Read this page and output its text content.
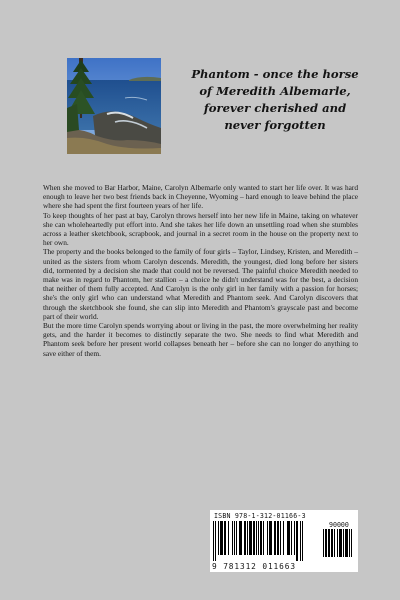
Phantom - once the horse
of Meredith Albemarle,
forever cherished and
never forgotten

When she moved to Bar Harbor, Maine, Carolyn Albemarle only wanted to start her life over. It was hard enough to leave her two best friends back in Cheyenne, Wyoming – hard enough to leave behind the place where she had spent the first fourteen years of her life.

To keep thoughts of her past at bay, Carolyn throws herself into her new life in Maine, taking on whatever she can wholeheartedly put effort into. And she takes her life down an unsettling road when she stumbles across a leather sketchbook, scrapbook, and journal in a secret room in the house on the property next to her own.

The property and the books belonged to the family of four girls – Taylor, Lindsey, Kristen, and Meredith – united as the sisters from whom Carolyn descends. Meredith, the youngest, died long before her sisters did, tormented by a decision she made that could not be reversed. The painful choice Meredith needed to make was in regard to Phantom, her stallion – a choice he didn't understand was for the best, a decision that neither of them fully accepted. And Carolyn is the only girl in her family with a passion for horses; she's the only girl who can understand what Meredith and Phantom seek. And Carolyn discovers that through the sketchbook she found, she can slip into Meredith and Phantom's grayscale past and become part of their world.

But the more time Carolyn spends worrying about or living in the past, the more overwhelming her reality gets, and the harder it becomes to distinctly separate the two. She needs to find what Meredith and Phantom seek before her present world collapses beneath her – before she can no longer do anything to save either of them.

ISBN 978-1-312-01166-3
90000
9 781312 011663
